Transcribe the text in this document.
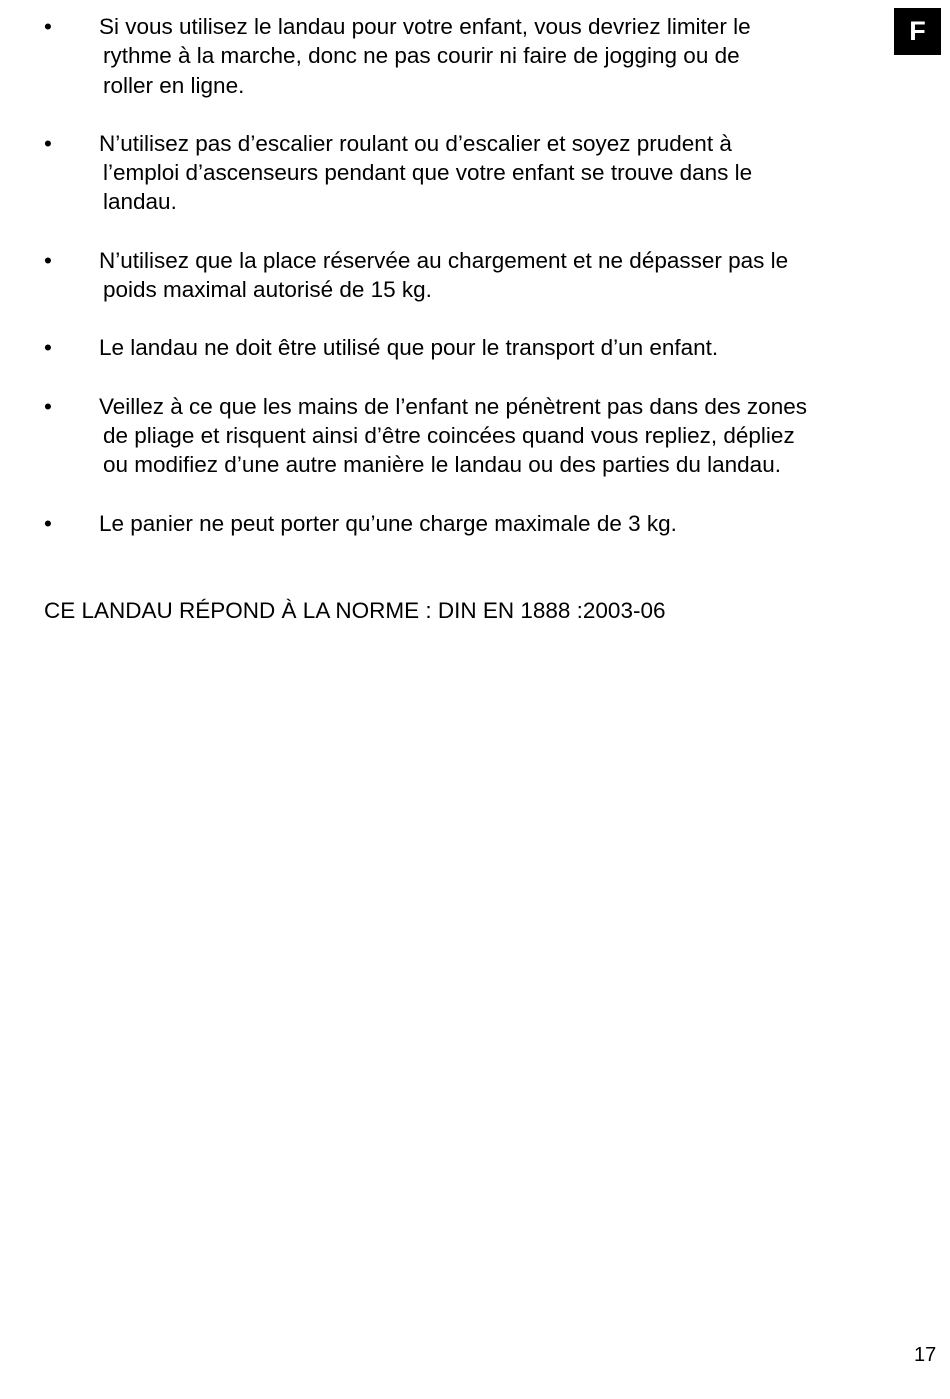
F
• Si vous utilisez le landau pour votre enfant, vous devriez limiter le
rythme à la marche, donc ne pas courir ni faire de jogging ou de
roller en ligne.
• N’utilisez pas d’escalier roulant ou d’escalier et soyez prudent à
l’emploi d’ascenseurs pendant que votre enfant se trouve dans le
landau.
• N’utilisez que la place réservée au chargement et ne dépasser pas le
poids maximal autorisé de 15 kg.
• Le landau ne doit être utilisé que pour le transport d’un enfant.
• Veillez à ce que les mains de l’enfant ne pénètrent pas dans des zones
de pliage et risquent ainsi d’être coincées quand vous repliez, dépliez
ou modifiez d’une autre manière le landau ou des parties du landau.
• Le panier ne peut porter qu’une charge maximale de 3 kg.
CE LANDAU RÉPOND À LA NORME : DIN EN 1888 :2003-06
17
